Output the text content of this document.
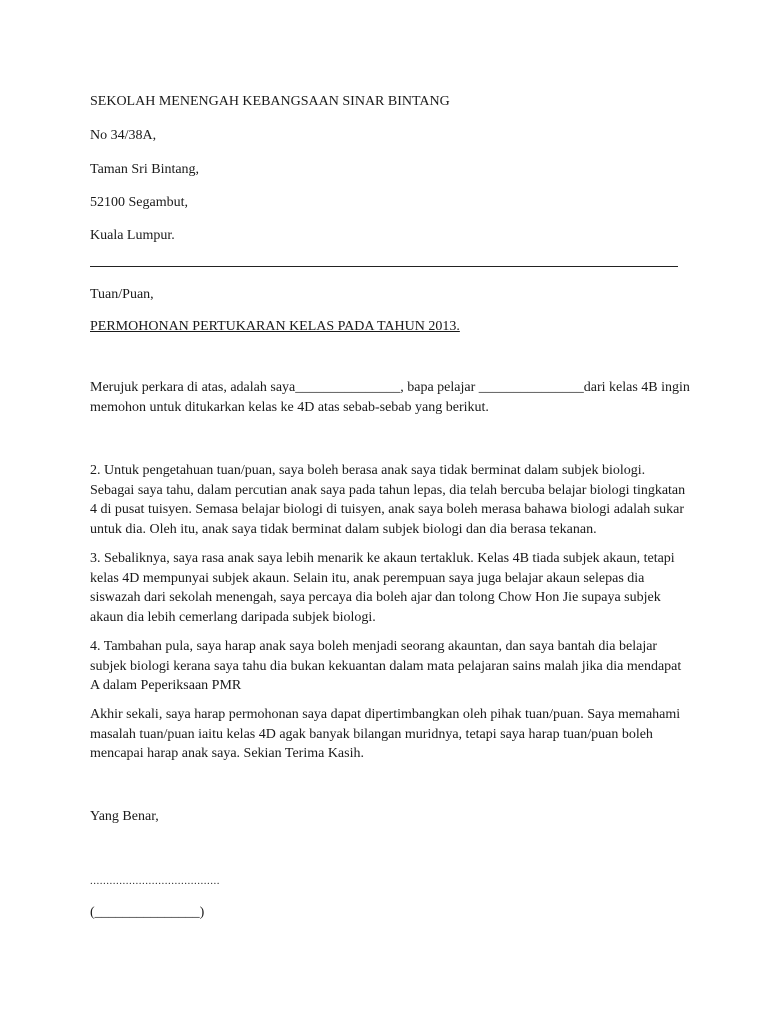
SEKOLAH MENENGAH KEBANGSAAN SINAR BINTANG
No 34/38A,
Taman Sri Bintang,
52100 Segambut,
Kuala Lumpur.
Tuan/Puan,
PERMOHONAN PERTUKARAN KELAS PADA TAHUN 2013.
Merujuk perkara di atas, adalah saya_______________, bapa pelajar _______________dari kelas 4B ingin
memohon untuk ditukarkan kelas ke 4D atas sebab-sebab yang berikut.
2. Untuk pengetahuan tuan/puan, saya boleh berasa anak saya tidak berminat dalam subjek biologi.
Sebagai saya tahu, dalam percutian anak saya pada tahun lepas, dia telah bercuba belajar biologi tingkatan
4 di pusat tuisyen. Semasa belajar biologi di tuisyen, anak saya boleh merasa bahawa biologi adalah sukar
untuk dia. Oleh itu, anak saya tidak berminat dalam subjek biologi dan dia berasa tekanan.
3. Sebaliknya, saya rasa anak saya lebih menarik ke akaun tertakluk. Kelas 4B tiada subjek akaun, tetapi
kelas 4D mempunyai subjek akaun. Selain itu, anak perempuan saya juga belajar akaun selepas dia
siswazah dari sekolah menengah, saya percaya dia boleh ajar dan tolong Chow Hon Jie supaya subjek
akaun dia lebih cemerlang daripada subjek biologi.
4. Tambahan pula, saya harap anak saya boleh menjadi seorang akauntan, dan saya bantah dia belajar
subjek biologi kerana saya tahu dia bukan kekuantan dalam mata pelajaran sains malah jika dia mendapat
A dalam Peperiksaan PMR
Akhir sekali, saya harap permohonan saya dapat dipertimbangkan oleh pihak tuan/puan. Saya memahami
masalah tuan/puan iaitu kelas 4D agak banyak bilangan muridnya, tetapi saya harap tuan/puan boleh
mencapai harap anak saya. Sekian Terima Kasih.
Yang Benar,
........................................
(_______________)
